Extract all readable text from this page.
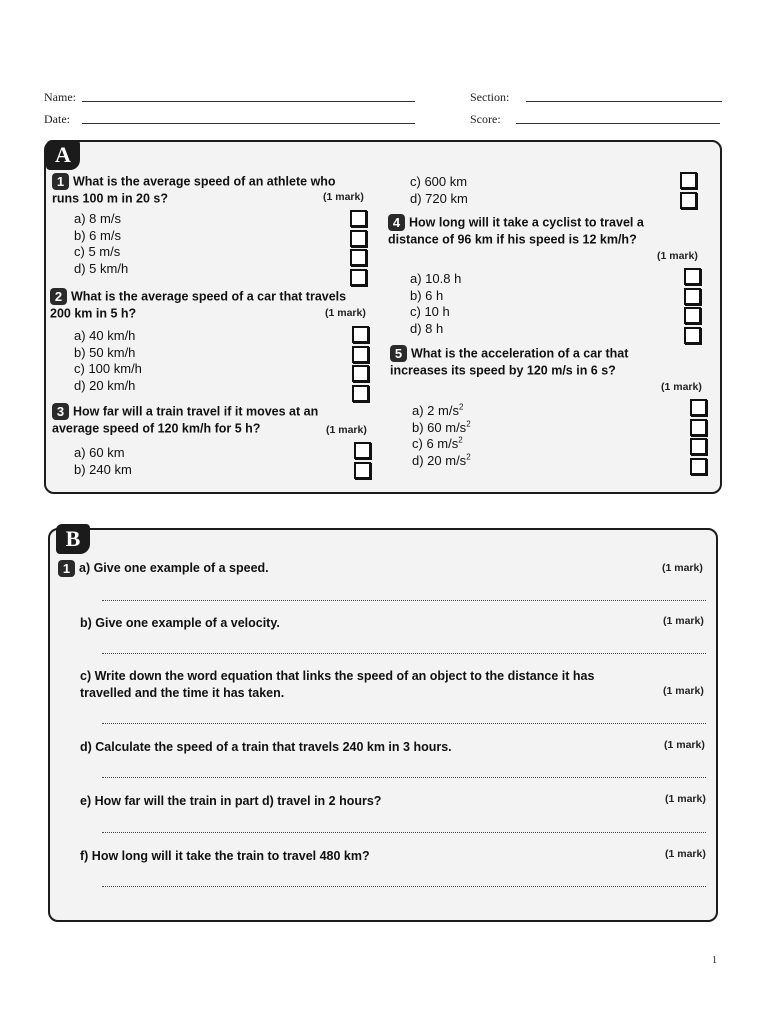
Name:	Section:
Date:	Score:
A
1 What is the average speed of an athlete who runs 100 m in 20 s?	(1 mark)
a) 8 m/s
b) 6 m/s
c) 5 m/s
d) 5 km/h
2 What is the average speed of a car that travels 200 km in 5 h?	(1 mark)
a) 40 km/h
b) 50 km/h
c) 100 km/h
d) 20 km/h
3 How far will a train travel if it moves at an average speed of 120 km/h for 5 h?	(1 mark)
a) 60 km
b) 240 km
c) 600 km
d) 720 km
4 How long will it take a cyclist to travel a distance of 96 km if his speed is 12 km/h?
(1 mark)
a) 10.8 h
b) 6 h
c) 10 h
d) 8 h
5 What is the acceleration of a car that increases its speed by 120 m/s in 6 s?
(1 mark)
a) 2 $m/s^2$
b) 60 $m/s^2$
c) 6 $m/s^2$
d) 20 $m/s^2$
B
1 a) Give one example of a speed.	(1 mark)
b) Give one example of a velocity.	(1 mark)
c) Write down the word equation that links the speed of an object to the distance it has travelled and the time it has taken.	(1 mark)
d) Calculate the speed of a train that travels 240 km in 3 hours.	(1 mark)
e) How far will the train in part d) travel in 2 hours?	(1 mark)
f) How long will it take the train to travel 480 km?	(1 mark)
1
